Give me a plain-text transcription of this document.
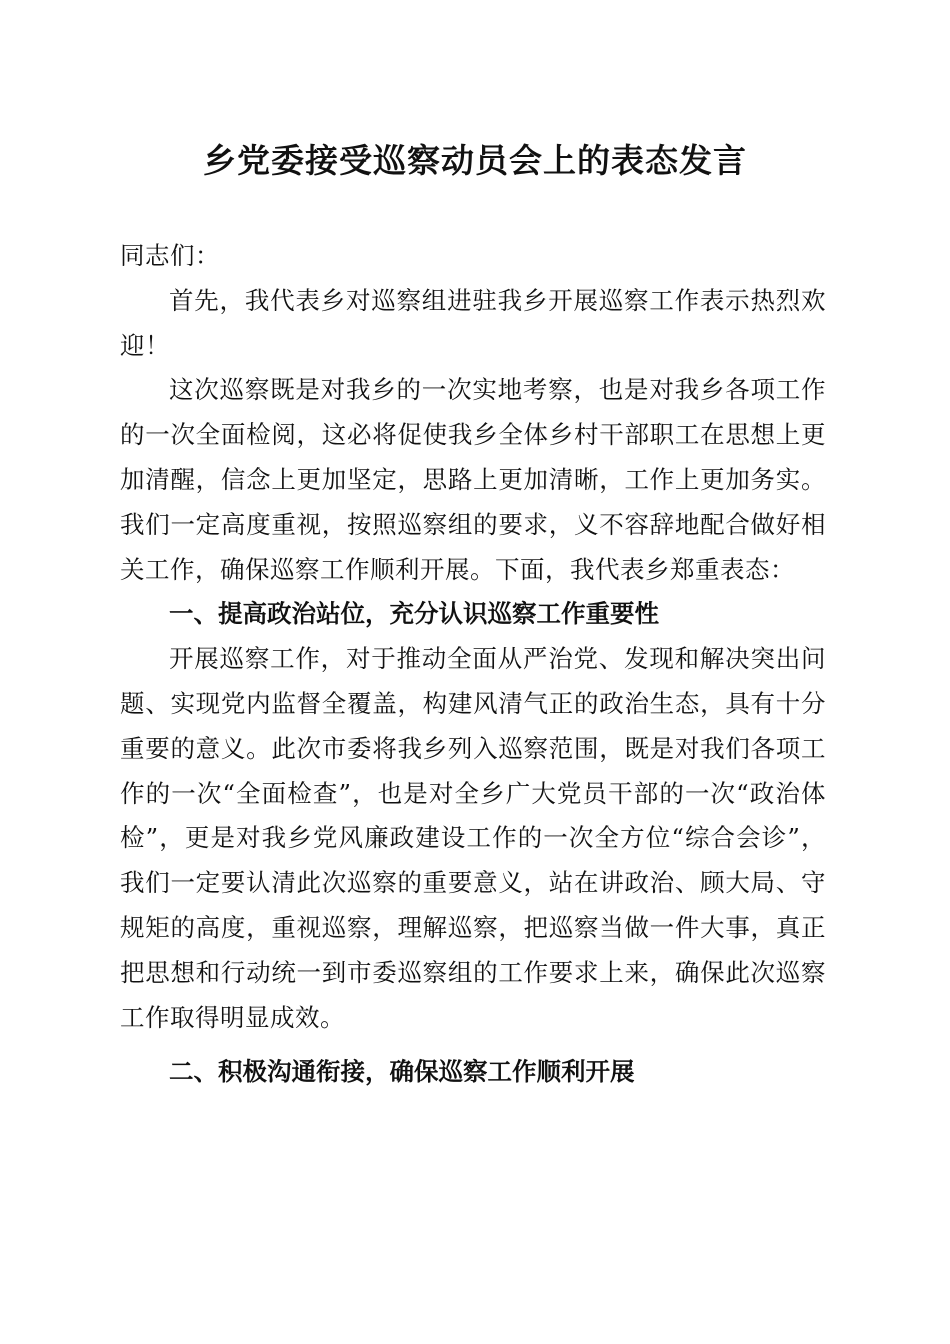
乡党委接受巡察动员会上的表态发言

同志们：

首先，我代表乡对巡察组进驻我乡开展巡察工作表示热烈欢迎！

这次巡察既是对我乡的一次实地考察，也是对我乡各项工作的一次全面检阅，这必将促使我乡全体乡村干部职工在思想上更加清醒，信念上更加坚定，思路上更加清晰，工作上更加务实。我们一定高度重视，按照巡察组的要求，义不容辞地配合做好相关工作，确保巡察工作顺利开展。下面，我代表乡郑重表态：

一、提高政治站位，充分认识巡察工作重要性

开展巡察工作，对于推动全面从严治党、发现和解决突出问题、实现党内监督全覆盖，构建风清气正的政治生态，具有十分重要的意义。此次市委将我乡列入巡察范围，既是对我们各项工作的一次“全面检查”，也是对全乡广大党员干部的一次“政治体检”，更是对我乡党风廉政建设工作的一次全方位“综合会诊”，我们一定要认清此次巡察的重要意义，站在讲政治、顾大局、守规矩的高度，重视巡察，理解巡察，把巡察当做一件大事，真正把思想和行动统一到市委巡察组的工作要求上来，确保此次巡察工作取得明显成效。

二、积极沟通衔接，确保巡察工作顺利开展
